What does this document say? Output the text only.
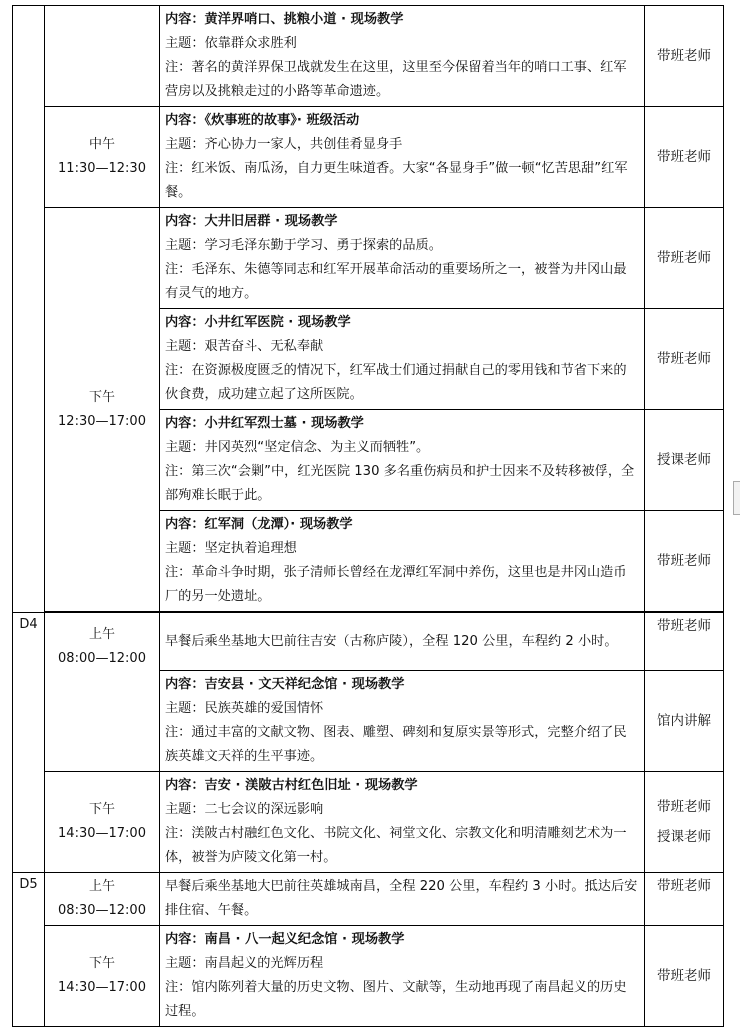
		内容：黄洋界哨口、挑粮小道 · 现场教学
主题：依靠群众求胜利
注：著名的黄洋界保卫战就发生在这里，这里至今保留着当年的哨口工事、红军营房以及挑粮走过的小路等革命遗迹。	带班老师

	中午
11:30—12:30	内容：《炊事班的故事》· 班级活动
主题：齐心协力一家人，共创佳肴显身手
注：红米饭、南瓜汤，自力更生味道香。大家“各显身手”做一顿“忆苦思甜”红军餐。	带班老师

	下午
12:30—17:00	内容：大井旧居群 · 现场教学
主题：学习毛泽东勤于学习、勇于探索的品质。
注：毛泽东、朱德等同志和红军开展革命活动的重要场所之一，被誉为井冈山最有灵气的地方。	带班老师

		内容：小井红军医院 · 现场教学
主题：艰苦奋斗、无私奉献
注：在资源极度匮乏的情况下，红军战士们通过捐献自己的零用钱和节省下来的伙食费，成功建立起了这所医院。	带班老师

		内容：小井红军烈士墓 · 现场教学
主题：井冈英烈“坚定信念、为主义而牺牲”。
注：第三次“会剿”中，红光医院 130 多名重伤病员和护士因来不及转移被俘，全部殉难长眠于此。	授课老师

		内容：红军洞（龙潭）· 现场教学
主题：坚定执着追理想
注：革命斗争时期，张子清师长曾经在龙潭红军洞中养伤，这里也是井冈山造币厂的另一处遗址。	带班老师

D4	上午
08:00—12:00	早餐后乘坐基地大巴前往吉安（古称庐陵），全程 120 公里，车程约 2 小时。	带班老师

		内容：吉安县 · 文天祥纪念馆 · 现场教学
主题：民族英雄的爱国情怀
注：通过丰富的文献文物、图表、雕塑、碑刻和复原实景等形式，完整介绍了民族英雄文天祥的生平事迹。	馆内讲解

	下午
14:30—17:00	内容：吉安 · 渼陂古村红色旧址 · 现场教学
主题：二七会议的深远影响
注：渼陂古村融红色文化、书院文化、祠堂文化、宗教文化和明清雕刻艺术为一体，被誉为庐陵文化第一村。	带班老师
授课老师

D5	上午
08:30—12:00	早餐后乘坐基地大巴前往英雄城南昌，全程 220 公里，车程约 3 小时。抵达后安排住宿、午餐。	带班老师

	下午
14:30—17:00	内容：南昌 · 八一起义纪念馆 · 现场教学
主题：南昌起义的光辉历程
注：馆内陈列着大量的历史文物、图片、文献等，生动地再现了南昌起义的历史过程。	带班老师
